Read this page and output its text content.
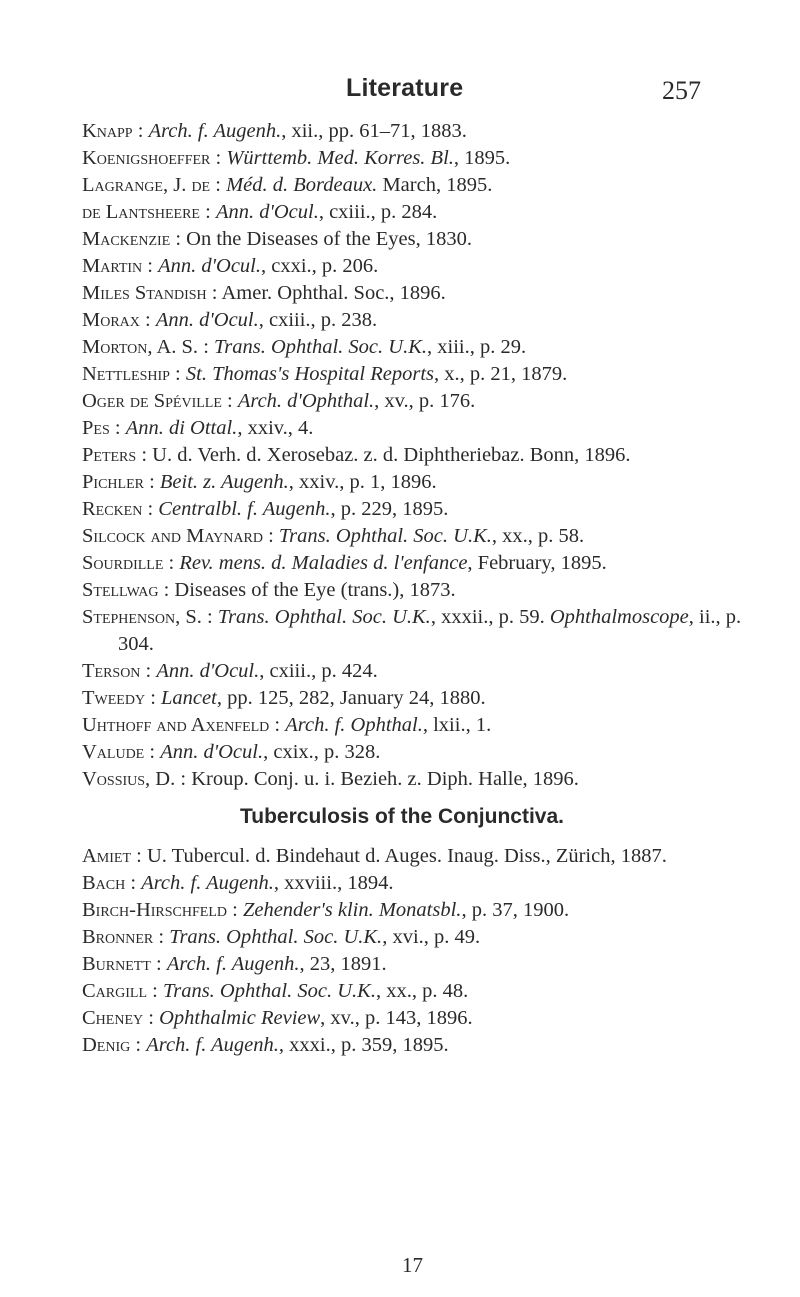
Literature	257
Knapp : Arch. f. Augenh., xii., pp. 61–71, 1883.
Koenigshoeffer : Württemb. Med. Korres. Bl., 1895.
Lagrange, J. de : Méd. d. Bordeaux. March, 1895.
de Lantsheere : Ann. d'Ocul., cxiii., p. 284.
Mackenzie : On the Diseases of the Eyes, 1830.
Martin : Ann. d'Ocul., cxxi., p. 206.
Miles Standish : Amer. Ophthal. Soc., 1896.
Morax : Ann. d'Ocul., cxiii., p. 238.
Morton, A. S. : Trans. Ophthal. Soc. U.K., xiii., p. 29.
Nettleship : St. Thomas's Hospital Reports, x., p. 21, 1879.
Oger de Spéville : Arch. d'Ophthal., xv., p. 176.
Pes : Ann. di Ottal., xxiv., 4.
Peters : U. d. Verh. d. Xerosebaz. z. d. Diphtheriebaz. Bonn, 1896.
Pichler : Beit. z. Augenh., xxiv., p. 1, 1896.
Recken : Centralbl. f. Augenh., p. 229, 1895.
Silcock and Maynard : Trans. Ophthal. Soc. U.K., xx., p. 58.
Sourdille : Rev. mens. d. Maladies d. l'enfance, February, 1895.
Stellwag : Diseases of the Eye (trans.), 1873.
Stephenson, S. : Trans. Ophthal. Soc. U.K., xxxii., p. 59. Ophthalmoscope, ii., p. 304.
Terson : Ann. d'Ocul., cxiii., p. 424.
Tweedy : Lancet, pp. 125, 282, January 24, 1880.
Uhthoff and Axenfeld : Arch. f. Ophthal., lxii., 1.
Valude : Ann. d'Ocul., cxix., p. 328.
Vossius, D. : Kroup. Conj. u. i. Bezieh. z. Diph. Halle, 1896.
Tuberculosis of the Conjunctiva.
Amiet : U. Tubercul. d. Bindehaut d. Auges. Inaug. Diss., Zürich, 1887.
Bach : Arch. f. Augenh., xxviii., 1894.
Birch-Hirschfeld : Zehender's klin. Monatsbl., p. 37, 1900.
Bronner : Trans. Ophthal. Soc. U.K., xvi., p. 49.
Burnett : Arch. f. Augenh., 23, 1891.
Cargill : Trans. Ophthal. Soc. U.K., xx., p. 48.
Cheney : Ophthalmic Review, xv., p. 143, 1896.
Denig : Arch. f. Augenh., xxxi., p. 359, 1895.
17
